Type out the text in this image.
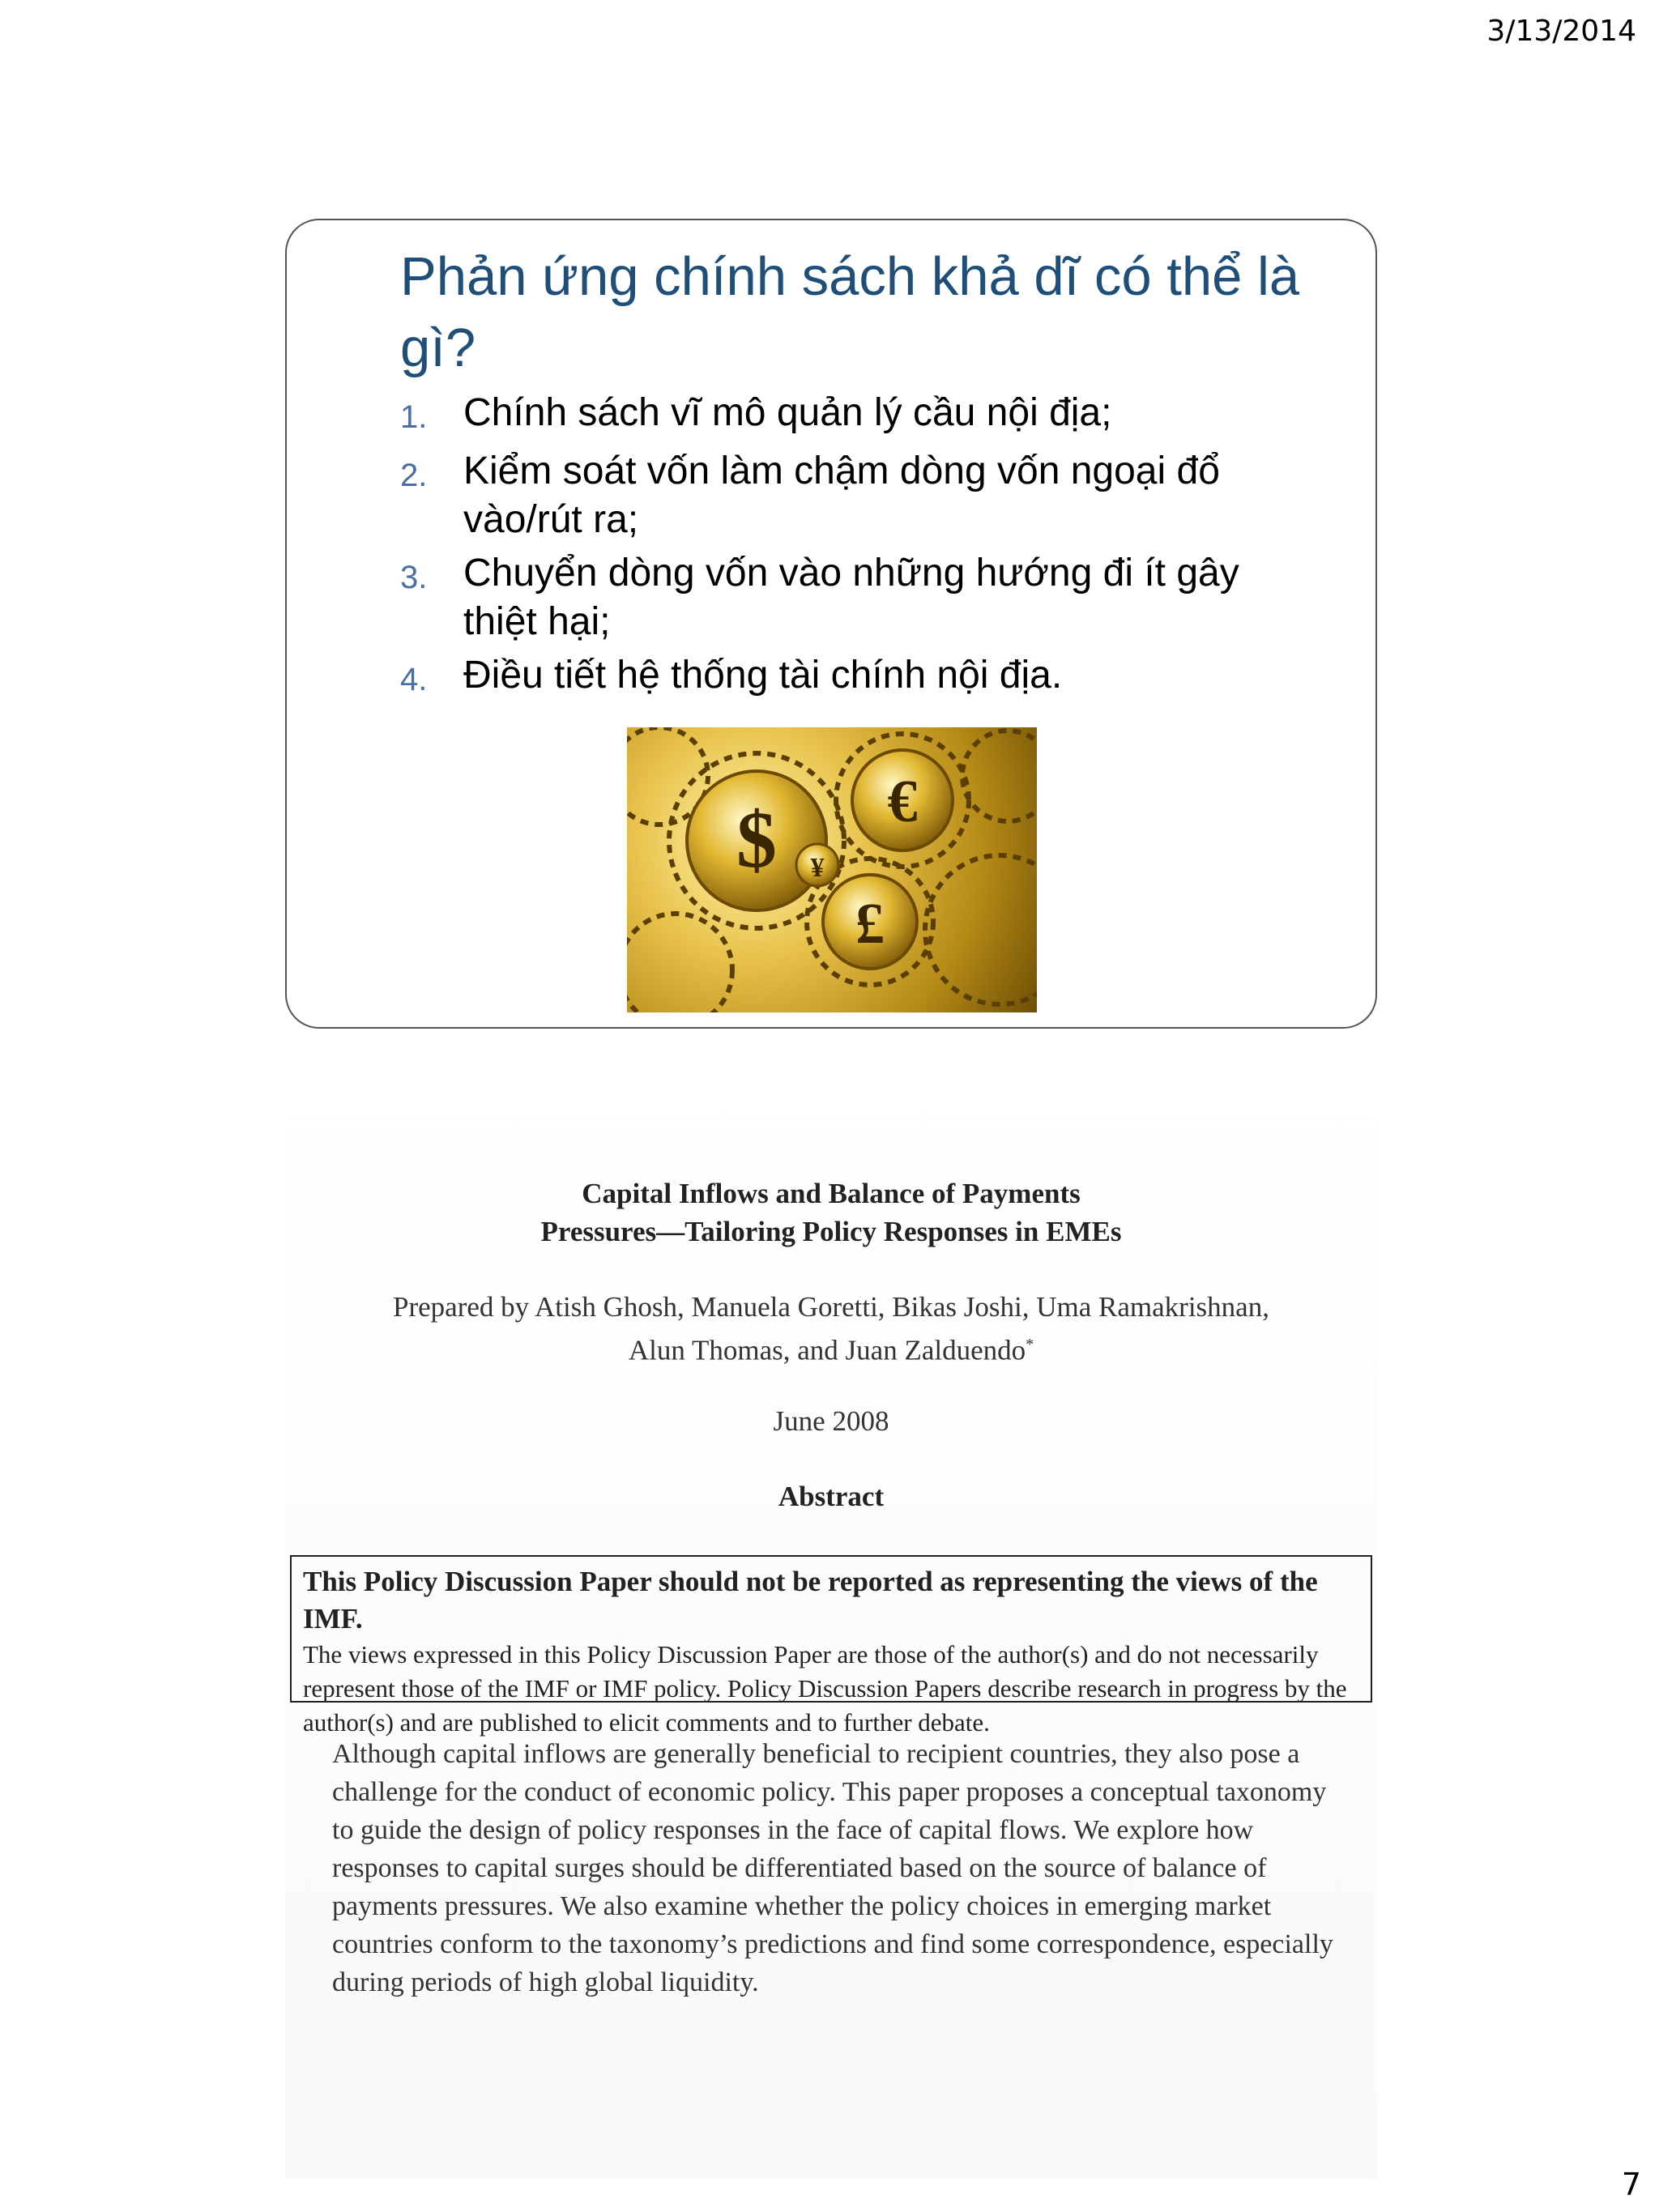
3/13/2014
Phản ứng chính sách khả dĩ có thể là gì?
1. Chính sách vĩ mô quản lý cầu nội địa;
2. Kiểm soát vốn làm chậm dòng vốn ngoại đổ vào/rút ra;
3. Chuyển dòng vốn vào những hướng đi ít gây thiệt hại;
4. Điều tiết hệ thống tài chính nội địa.
$ €
¥
£
Capital Inflows and Balance of Payments
Pressures—Tailoring Policy Responses in EMEs
Prepared by Atish Ghosh, Manuela Goretti, Bikas Joshi, Uma Ramakrishnan,
Alun Thomas, and Juan Zalduendo*
June 2008
Abstract
This Policy Discussion Paper should not be reported as representing the views of the IMF.
The views expressed in this Policy Discussion Paper are those of the author(s) and do not necessarily represent those of the IMF or IMF policy. Policy Discussion Papers describe research in progress by the author(s) and are published to elicit comments and to further debate.
Although capital inflows are generally beneficial to recipient countries, they also pose a challenge for the conduct of economic policy. This paper proposes a conceptual taxonomy to guide the design of policy responses in the face of capital flows. We explore how responses to capital surges should be differentiated based on the source of balance of payments pressures. We also examine whether the policy choices in emerging market countries conform to the taxonomy’s predictions and find some correspondence, especially during periods of high global liquidity.
7
